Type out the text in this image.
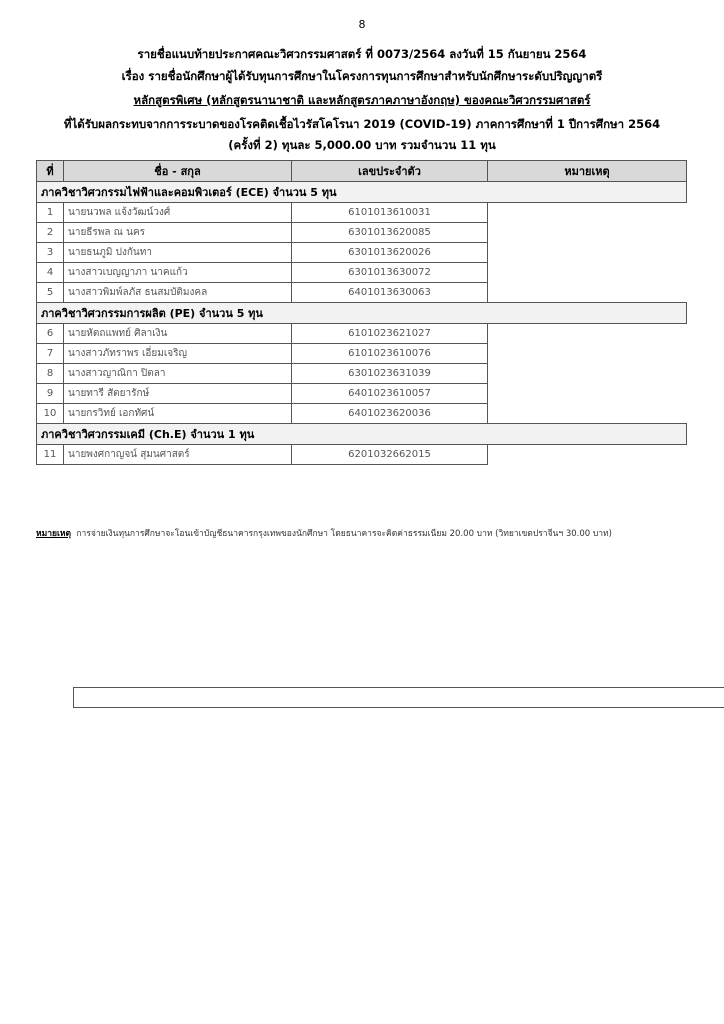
8
รายชื่อแนบท้ายประกาศคณะวิศวกรรมศาสตร์ ที่ 0073/2564 ลงวันที่ 15 กันยายน 2564
เรื่อง รายชื่อนักศึกษาผู้ได้รับทุนการศึกษาในโครงการทุนการศึกษาสำหรับนักศึกษาระดับปริญญาตรี
หลักสูตรพิเศษ (หลักสูตรนานาชาติ และหลักสูตรภาคภาษาอังกฤษ) ของคณะวิศวกรรมศาสตร์
ที่ได้รับผลกระทบจากการระบาดของโรคติดเชื้อไวรัสโคโรนา 2019 (COVID-19) ภาคการศึกษาที่ 1 ปีการศึกษา 2564
(ครั้งที่ 2) ทุนละ 5,000.00 บาท รวมจำนวน 11 ทุน
ที่	ชื่อ - สกุล	เลขประจำตัว	หมายเหตุ
ภาควิชาวิศวกรรมไฟฟ้าและคอมพิวเตอร์ (ECE) จำนวน 5 ทุน			
1	นายนวพล แจ้งวัฒน์วงศ์	6101013610031	

2	นายธีรพล ณ นคร	6301013620085	

3	นายธนภูมิ ปงกันทา	6301013620026	

4	นางสาวเบญญาภา นาคแก้ว	6301013630072	

5	นางสาวพิมพ์ลภัส ธนสมบัติมงคล	6401013630063	

ภาควิชาวิศวกรรมการผลิต (PE) จำนวน 5 ทุน			
6	นายหัตถแพทย์ ศิลาเงิน	6101023621027	

7	นางสาวภัทราพร เอี่ยมเจริญ	6101023610076	

8	นางสาวญาณิกา ปิตลา	6301023631039	

9	นายทารี สัตยารักษ์	6401023610057	

10	นายกรวิทย์ เอกทัศน์	6401023620036	

ภาควิชาวิศวกรรมเคมี (Ch.E) จำนวน 1 ทุน			
11	นายพงศกาญจน์ สุมนศาสตร์	6201032662015	
หมายเหตุ การจ่ายเงินทุนการศึกษาจะโอนเข้าบัญชีธนาคารกรุงเทพของนักศึกษา โดยธนาคารจะคิดค่าธรรมเนียม 20.00 บาท (วิทยาเขตปราจีนฯ 30.00 บาท)
